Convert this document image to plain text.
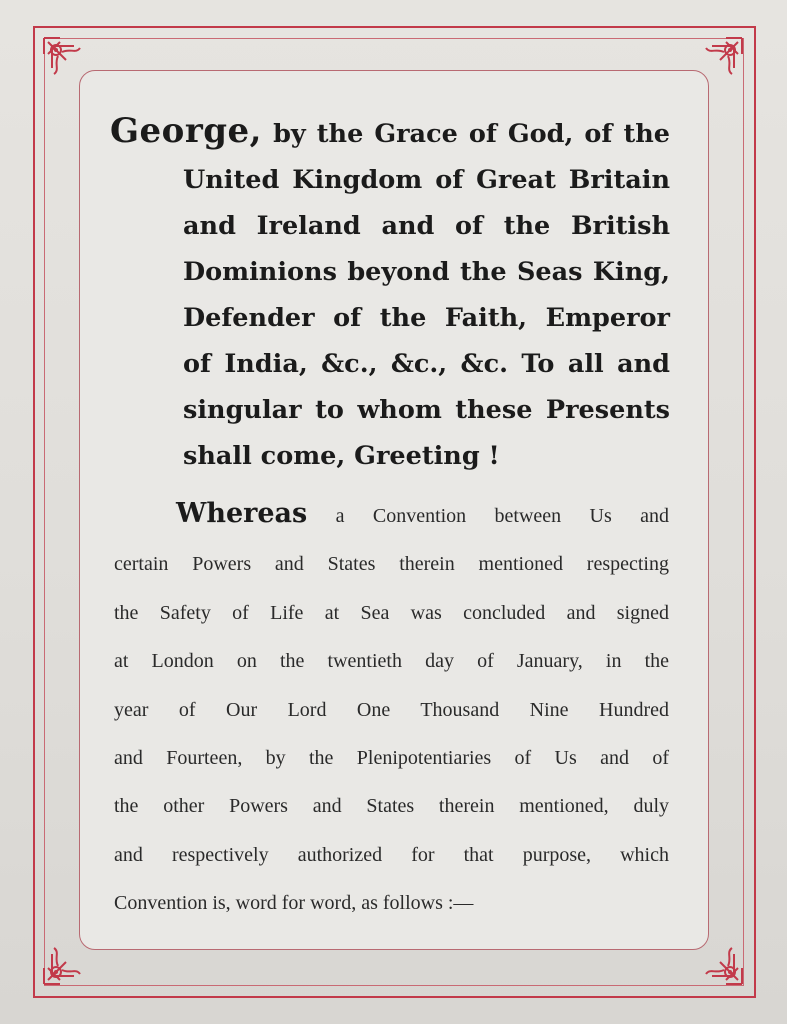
George, by the Grace of God, of the
United Kingdom of Great Britain
and Ireland and of the British
Dominions beyond the Seas King,
Defender of the Faith, Emperor
of India, &c., &c., &c. To all and
singular to whom these Presents
shall come, Greeting !
Whereas a Convention between Us and
certain Powers and States therein mentioned respecting
the Safety of Life at Sea was concluded and signed
at London on the twentieth day of January, in the
year of Our Lord One Thousand Nine Hundred
and Fourteen, by the Plenipotentiaries of Us and of
the other Powers and States therein mentioned, duly
and respectively authorized for that purpose, which
Convention is, word for word, as follows :—
